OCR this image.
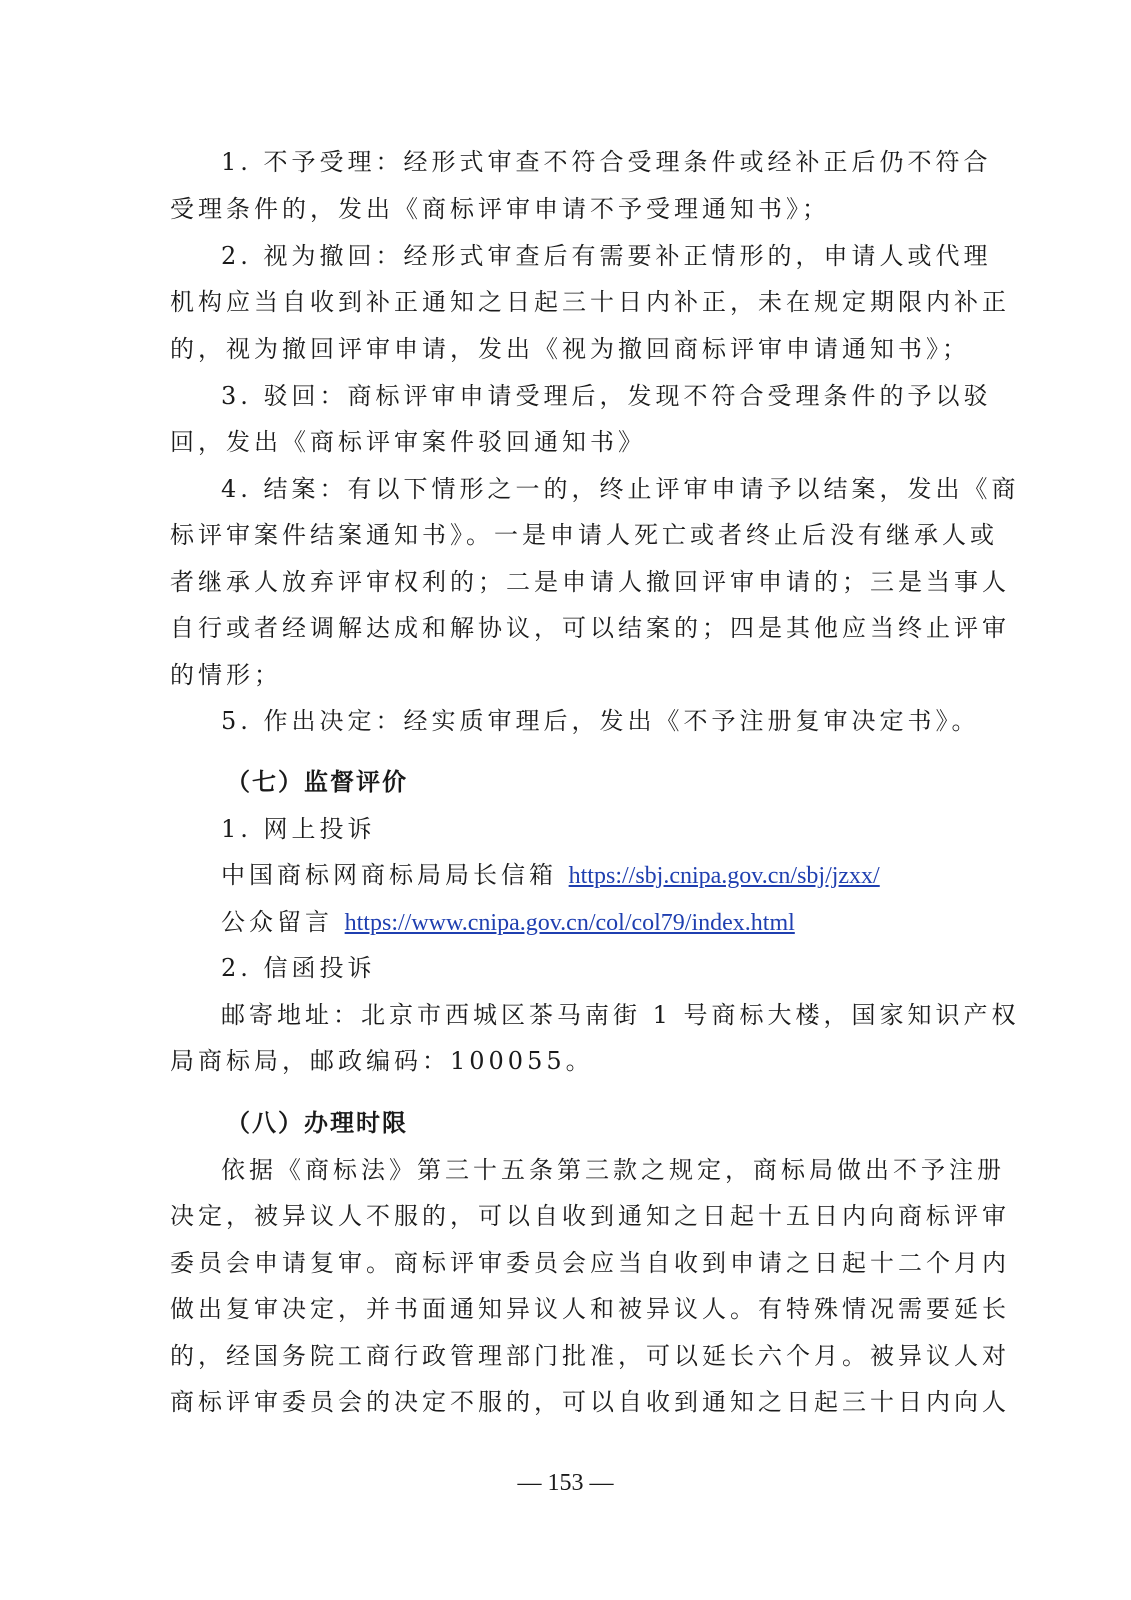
1. 不予受理：经形式审查不符合受理条件或经补正后仍不符合
受理条件的，发出《商标评审申请不予受理通知书》；
2. 视为撤回：经形式审查后有需要补正情形的，申请人或代理
机构应当自收到补正通知之日起三十日内补正，未在规定期限内补正
的，视为撤回评审申请，发出《视为撤回商标评审申请通知书》；
3. 驳回：商标评审申请受理后，发现不符合受理条件的予以驳
回，发出《商标评审案件驳回通知书》
4. 结案：有以下情形之一的，终止评审申请予以结案，发出《商
标评审案件结案通知书》。一是申请人死亡或者终止后没有继承人或
者继承人放弃评审权利的；二是申请人撤回评审申请的；三是当事人
自行或者经调解达成和解协议，可以结案的；四是其他应当终止评审
的情形；
5. 作出决定：经实质审理后，发出《不予注册复审决定书》。
（七）监督评价
1. 网上投诉
中国商标网商标局局长信箱 https://sbj.cnipa.gov.cn/sbj/jzxx/
公众留言 https://www.cnipa.gov.cn/col/col79/index.html
2. 信函投诉
邮寄地址：北京市西城区茶马南街 1 号商标大楼，国家知识产权
局商标局，邮政编码：100055。
（八）办理时限
依据《商标法》第三十五条第三款之规定，商标局做出不予注册
决定，被异议人不服的，可以自收到通知之日起十五日内向商标评审
委员会申请复审。商标评审委员会应当自收到申请之日起十二个月内
做出复审决定，并书面通知异议人和被异议人。有特殊情况需要延长
的，经国务院工商行政管理部门批准，可以延长六个月。被异议人对
商标评审委员会的决定不服的，可以自收到通知之日起三十日内向人
— 153 —
